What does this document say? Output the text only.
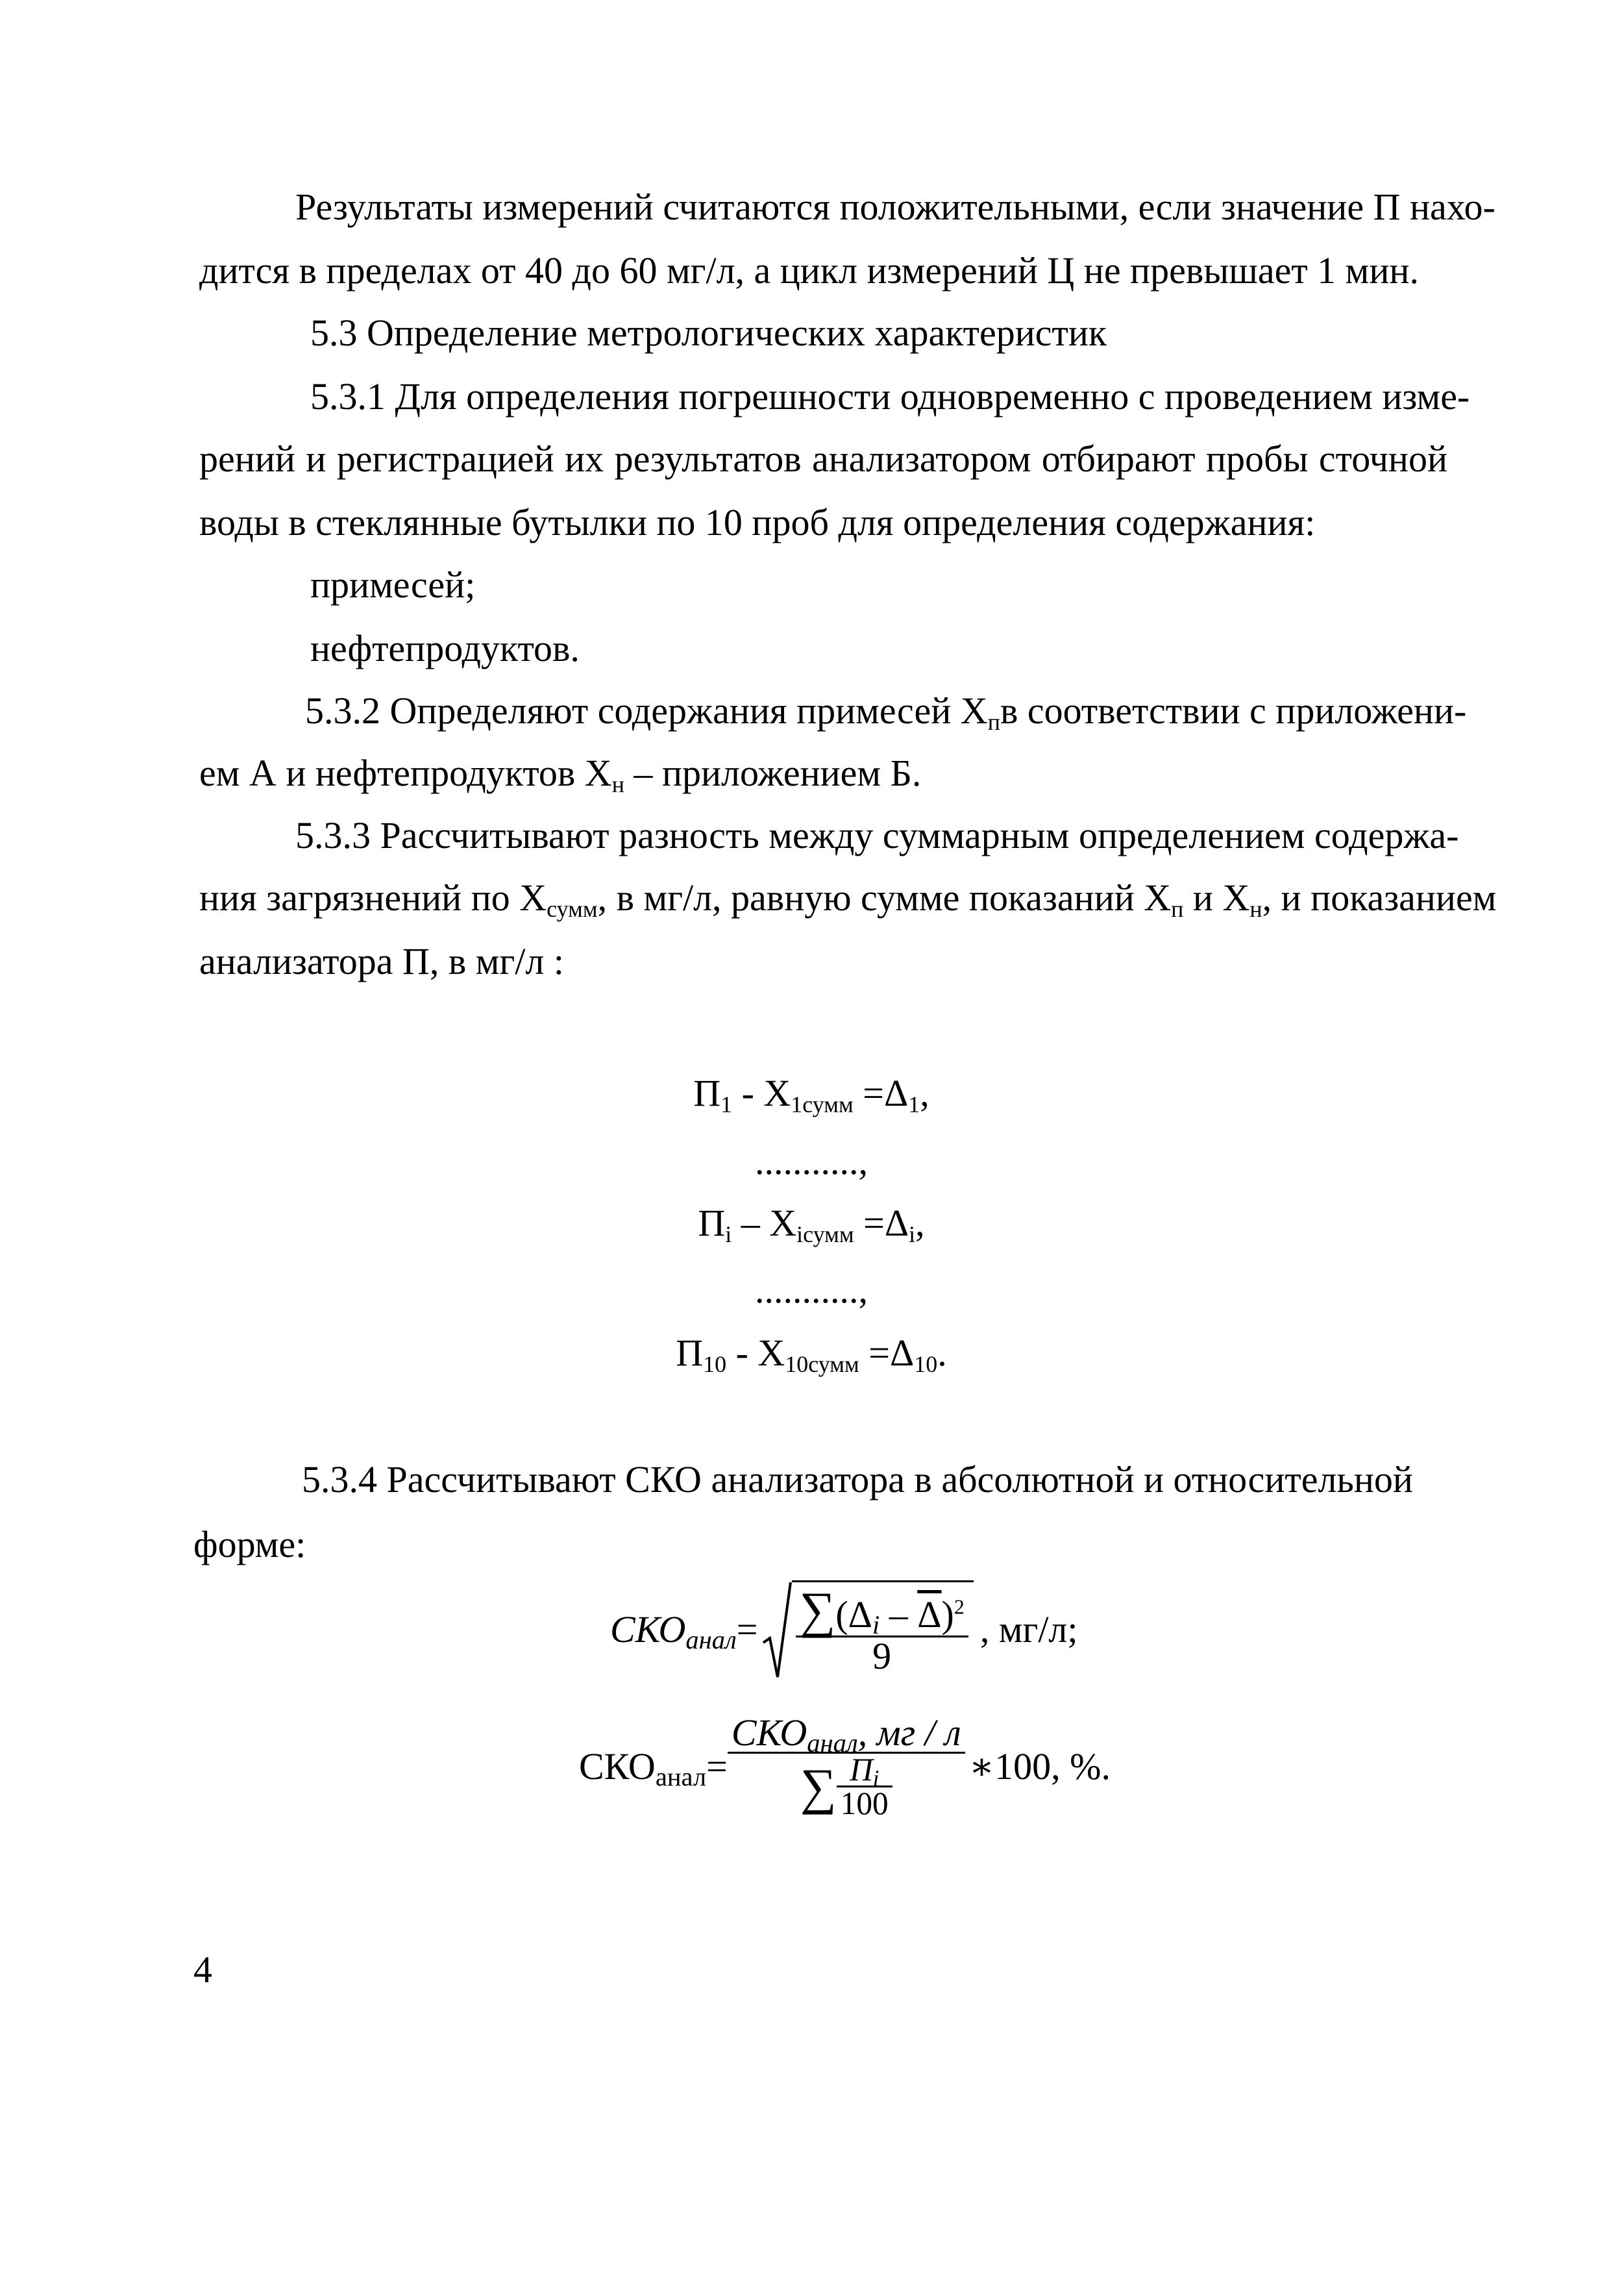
Результаты измерений считаются положительными, если значение П нахо-
дится в пределах от 40 до 60 мг/л, а цикл измерений Ц не превышает 1 мин.
5.3 Определение метрологических характеристик
5.3.1 Для определения погрешности одновременно с проведением изме-
рений и регистрацией их результатов анализатором отбирают пробы сточной
воды в стеклянные бутылки по 10 проб для определения содержания:
примесей;
нефтепродуктов.
5.3.2 Определяют содержания примесей $Х_п$ в соответствии с приложени-
ем А и нефтепродуктов $Х_н$ – приложением Б.
5.3.3 Рассчитывают разность между суммарным определением содержа-
ния загрязнений по $Х_{сумм}$, в мг/л, равную сумме показаний $Х_п$ и $Х_н$, и показанием
анализатора П, в мг/л :
$П_1 - Х_{1сумм} =\Delta_1$,
...........,
$П_i - Х_{iсумм} =\Delta_i$,
...........,
$П_{10} - Х_{10сумм} =\Delta_{10}$.
5.3.4 Рассчитывают СКО анализатора в абсолютной и относительной
форме:
$СКО_{анал} = \frac{\sum(\Delta_i - \overline{\Delta})^2}{9}$ , мг/л;
$СКО_{анал} = \frac{СКО_{анал}, мг / л}{\sum \frac{П_i}{100}}$ ∗100, %.
4
